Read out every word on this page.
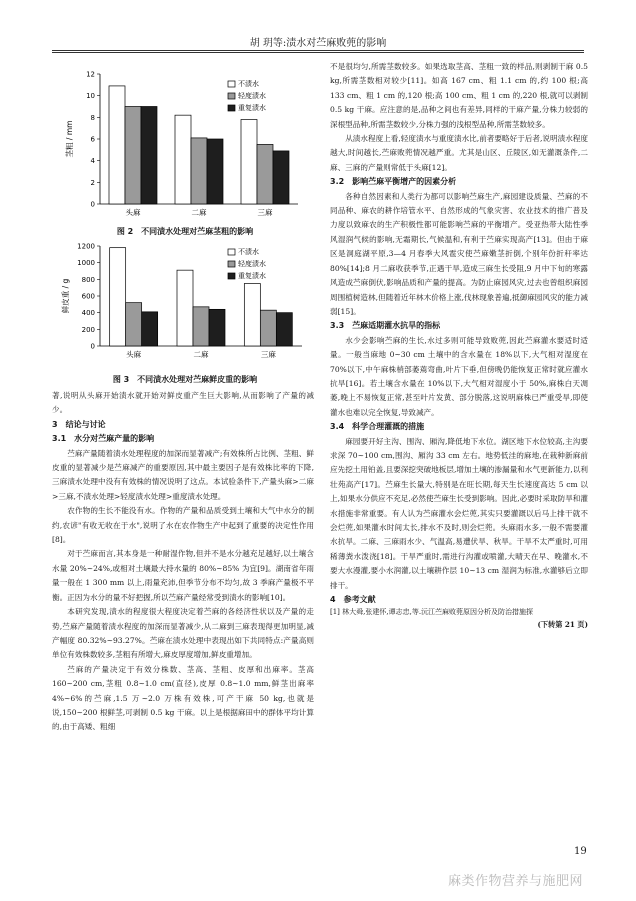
胡 玥等:渍水对苎麻败蔸的影响
0
2
4
6
8
10
12
茎粗 / mm
头麻	二麻	三麻
不渍水
轻度渍水
重复渍水
图 2　不同渍水处理对苎麻茎粗的影响
0
200
400
600
800
1000
1200
鲜皮重 / g
头麻	二麻	三麻
不渍水
轻度渍水
重复渍水
图 3　不同渍水处理对苎麻鲜皮重的影响

著,说明从头麻开始渍水就开始对鲜皮重产生巨大影响,从而影响了产量的减少。

3　结论与讨论

3.1　水分对苎麻产量的影响

苎麻产量随着渍水处理程度的加深而显著减产;有效株所占比例、茎粗、鲜皮重的显著减少是苎麻减产的重要原因,其中最主要因子是有效株比率的下降,三麻渍水处理中没有有效株的情况说明了这点。本试验条件下,产量头麻>二麻>三麻,不渍水处理>轻度渍水处理>重度渍水处理。

农作物的生长不能没有水。作物的产量和品质受到土壤和大气中水分的制约,农谚"有收无收在于水",说明了水在农作物生产中起到了重要的决定性作用[8]。

对于苎麻而言,其本身是一种耐湿作物,但并不是水分越充足越好,以土壤含水量 20%~24%,或相对土壤最大持水量的 80%~85% 为宜[9]。湖南省年雨量一般在 1 300 mm 以上,雨量充沛,但季节分布不均匀,故 3 季麻产量极不平衡。正因为水分的量不好把握,所以苎麻产量经常受到渍水的影响[10]。

本研究发现,渍水的程度很大程度决定着苎麻的各经济性状以及产量的走势,苎麻产量随着渍水程度的加深而显著减少,从二麻到三麻表现得更加明显,减产幅度 80.32%~93.27%。苎麻在渍水处理中表现出如下共同特点:产量高则单位有效株数较多,茎粗有所增大,麻皮厚度增加,鲜皮重增加。

苎麻的产量决定于有效分株数、茎高、茎粗、皮厚和出麻率。茎高 160~200 cm,茎粗 0.8~1.0 cm(直径),皮厚 0.8~1.0 mm,鲜茎出麻率 4%~6%的苎麻,1.5 万~2.0 万株有效株,可产干麻 50 kg,也就是说,150~200 根鲜茎,可剥制 0.5 kg 干麻。以上是根据麻田中的群体平均计算的,由于高矮、粗细

不是很均匀,所需茎数较多。如果选取茎高、茎粗一致的样品,则剥制干麻 0.5 kg,所需茎数相对较少[11]。如高 167 cm、粗 1.1 cm 的,约 100 根;高 133 cm、粗 1 cm 的,120 根;高 100 cm、粗 1 cm 的,220 根,就可以剥制 0.5 kg 干麻。应注意的是,品种之间也有差异,同样的干麻产量,分株力较弱的深根型品种,所需茎数较少,分株力强的浅根型品种,所需茎数较多。

从渍水程度上看,轻度渍水与重度渍水比,前者要略好于后者,说明渍水程度越大,时间越长,苎麻败蔸情况越严重。尤其是山区、丘陵区,如无灌溉条件,二麻、三麻的产量则常低于头麻[12]。

3.2　影响苎麻平衡增产的因素分析

各种自然因素和人类行为都可以影响苎麻生产,麻园建设质量、苎麻的不同品种、麻农的耕作培管水平、自然形成的气象灾害、农业技术的推广普及力度以致麻农的生产积极性都可能影响苎麻的平衡增产。受亚热带大陆性季风湿润气候的影响,无霜期长,气候温和,有利于苎麻实现高产[13]。但由于麻区是洞庭湖平原,3—4 月春季大风雹灾使苎麻嫩茎折倒,个别年份折秆率达 80%[14];8 月二麻收获季节,正遇干旱,造成三麻生长受阻,9 月中下旬的寒露风造成苎麻倒伏,影响品质和产量的提高。为防止麻园风灾,过去也曾组织麻园周围植树造林,但随着近年林木价格上涨,伐林现象普遍,抵御麻园风灾的能力减弱[15]。

3.3　苎麻适期灌水抗旱的指标

水少会影响苎麻的生长,水过多则可能导致败蔸,因此苎麻灌水要适时适量。一般当麻地 0~30 cm 土壤中的含水量在 18%以下,大气相对湿度在 70%以下,中午麻株梢部萎蔫弯曲,叶片下垂,但傍晚仍能恢复正常时就应灌水抗旱[16]。若土壤含水量在 10%以下,大气相对湿度小于 50%,麻株白天凋萎,晚上不易恢复正常,甚至叶片发黄、部分脱落,这说明麻株已严重受旱,即使灌水也难以完全恢复,导致减产。

3.4　科学合理灌溉的措施

麻园要开好主沟、围沟、厢沟,降低地下水位。湖区地下水位较高,主沟要求深 70~100 cm,围沟、厢沟 33 cm 左右。地势低洼的麻地,在栽种新麻前应先挖土用铂盖,且要深挖突破地板层,增加土壤的渗漏量和水气更新能力,以利壮苑高产[17]。苎麻生长量大,特别是在旺长期,每天生长速度高达 5 cm 以上,如果水分供应不充足,必然使苎麻生长受到影响。因此,必要时采取防旱和灌水措施非常重要。有人认为苎麻灌水会烂蔸,其实只要灌溉以后马上排干就不会烂蔸,如果灌水时间太长,排水不及时,则会烂蔸。头麻雨水多,一般不需要灌水抗旱。二麻、三麻雨水少、气温高,易遭伏旱、秋旱。干旱不太严重时,可用稀薄粪水泼浇[18]。干旱严重时,需进行沟灌或喷灌,大晴天在早、晚灌水,不要大水漫灌,要小水润灌,以土壤耕作层 10~13 cm 湿润为标准,水灌够后立即排干。

4　参考文献

[1] 林大舜,张建怀,谭志忠,等.沅江苎麻败蔸原因分析及防治措施探
(下转第 21 页)
19
麻类作物营养与施肥网
